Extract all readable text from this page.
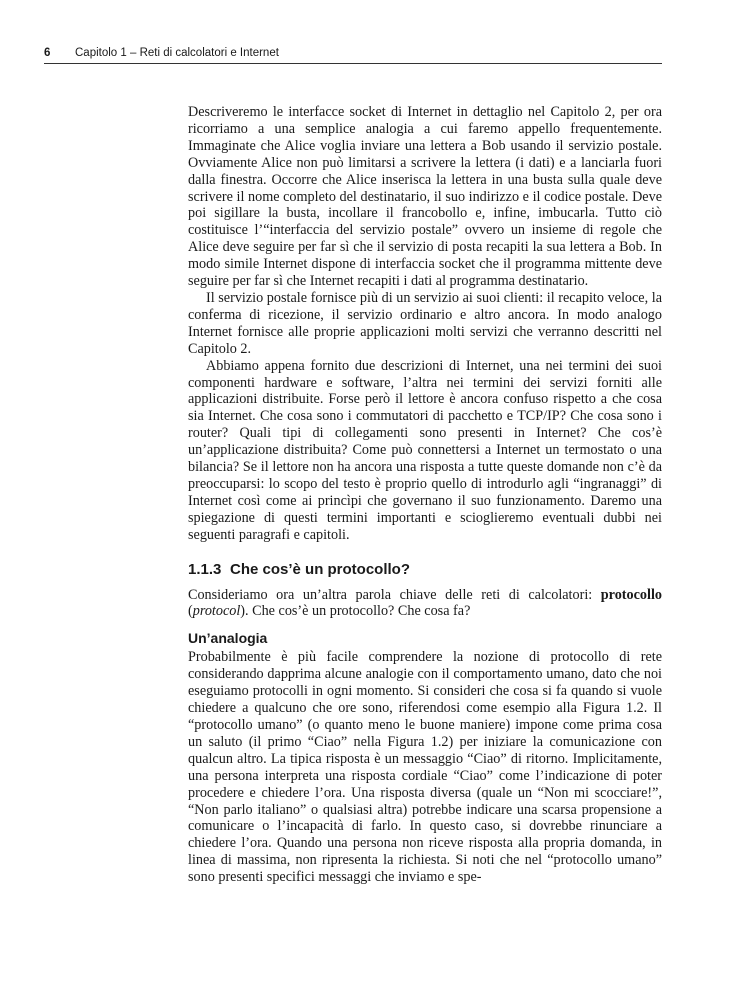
6 Capitolo 1 – Reti di calcolatori e Internet

Descriveremo le interfacce socket di Internet in dettaglio nel Capitolo 2, per ora ricorriamo a una semplice analogia a cui faremo appello frequentemente. Immaginate che Alice voglia inviare una lettera a Bob usando il servizio postale. Ovviamente Alice non può limitarsi a scrivere la lettera (i dati) e a lanciarla fuori dalla finestra. Occorre che Alice inserisca la lettera in una busta sulla quale deve scrivere il nome completo del destinatario, il suo indirizzo e il codice postale. Deve poi sigillare la busta, incollare il francobollo e, infine, imbucarla. Tutto ciò costituisce l’“interfaccia del servizio postale” ovvero un insieme di regole che Alice deve seguire per far sì che il servizio di posta recapiti la sua lettera a Bob. In modo simile Internet dispone di interfaccia socket che il programma mittente deve seguire per far sì che Internet recapiti i dati al programma destinatario.

Il servizio postale fornisce più di un servizio ai suoi clienti: il recapito veloce, la conferma di ricezione, il servizio ordinario e altro ancora. In modo analogo Internet fornisce alle proprie applicazioni molti servizi che verranno descritti nel Capitolo 2.

Abbiamo appena fornito due descrizioni di Internet, una nei termini dei suoi componenti hardware e software, l’altra nei termini dei servizi forniti alle applicazioni distribuite. Forse però il lettore è ancora confuso rispetto a che cosa sia Internet. Che cosa sono i commutatori di pacchetto e TCP/IP? Che cosa sono i router? Quali tipi di collegamenti sono presenti in Internet? Che cos’è un’applicazione distribuita? Come può connettersi a Internet un termostato o una bilancia? Se il lettore non ha ancora una risposta a tutte queste domande non c’è da preoccuparsi: lo scopo del testo è proprio quello di introdurlo agli “ingranaggi” di Internet così come ai princìpi che governano il suo funzionamento. Daremo una spiegazione di questi termini importanti e scioglieremo eventuali dubbi nei seguenti paragrafi e capitoli.

1.1.3 Che cos’è un protocollo?

Consideriamo ora un’altra parola chiave delle reti di calcolatori: protocollo (protocol). Che cos’è un protocollo? Che cosa fa?

Un’analogia

Probabilmente è più facile comprendere la nozione di protocollo di rete considerando dapprima alcune analogie con il comportamento umano, dato che noi eseguiamo protocolli in ogni momento. Si consideri che cosa si fa quando si vuole chiedere a qualcuno che ore sono, riferendosi come esempio alla Figura 1.2. Il “protocollo umano” (o quanto meno le buone maniere) impone come prima cosa un saluto (il primo “Ciao” nella Figura 1.2) per iniziare la comunicazione con qualcun altro. La tipica risposta è un messaggio “Ciao” di ritorno. Implicitamente, una persona interpreta una risposta cordiale “Ciao” come l’indicazione di poter procedere e chiedere l’ora. Una risposta diversa (quale un “Non mi scocciare!”, “Non parlo italiano” o qualsiasi altra) potrebbe indicare una scarsa propensione a comunicare o l’incapacità di farlo. In questo caso, si dovrebbe rinunciare a chiedere l’ora. Quando una persona non riceve risposta alla propria domanda, in linea di massima, non ripresenta la richiesta. Si noti che nel “protocollo umano” sono presenti specifici messaggi che inviamo e spe-
